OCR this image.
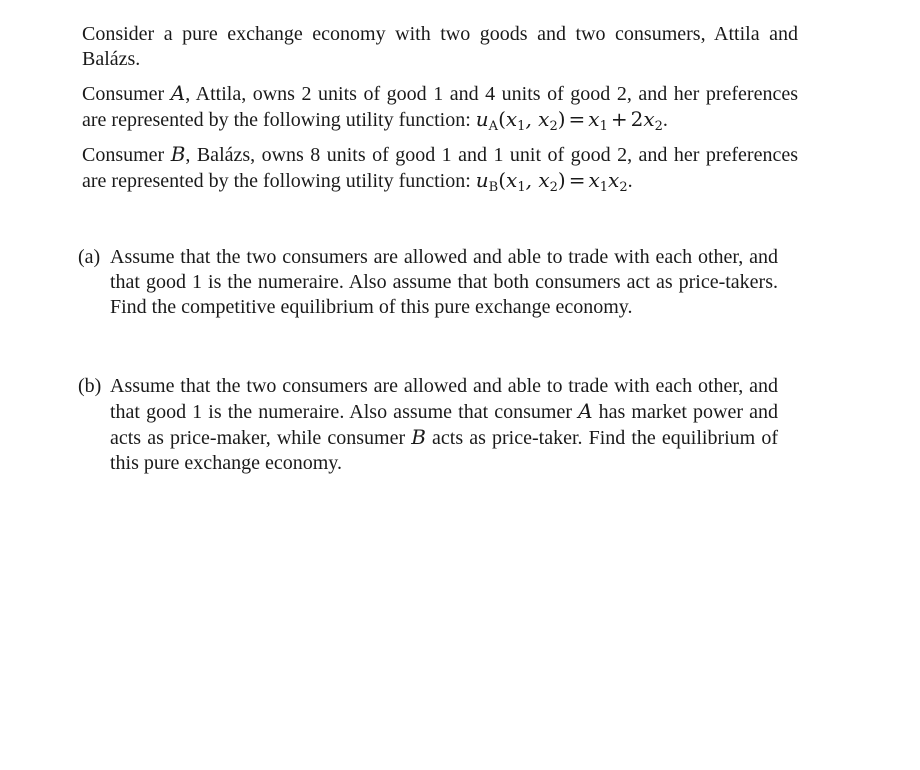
Consider a pure exchange economy with two goods and two consumers, Attila and Balázs.

Consumer A, Attila, owns 2 units of good 1 and 4 units of good 2, and her preferences are represented by the following utility function: $u_A(x_1$, $x_2) = x_1 + 2x_2$.

Consumer B, Balázs, owns 8 units of good 1 and 1 unit of good 2, and her preferences are represented by the following utility function: $u_B(x_1$, $x_2) = x_1x_2$.

(a) Assume that the two consumers are allowed and able to trade with each other, and that good 1 is the numeraire. Also assume that both consumers act as price-takers. Find the competitive equilibrium of this pure exchange economy.
(b) Assume that the two consumers are allowed and able to trade with each other, and that good 1 is the numeraire. Also assume that consumer A has market power and acts as price-maker, while consumer B acts as price-taker. Find the equilibrium of this pure exchange economy.
